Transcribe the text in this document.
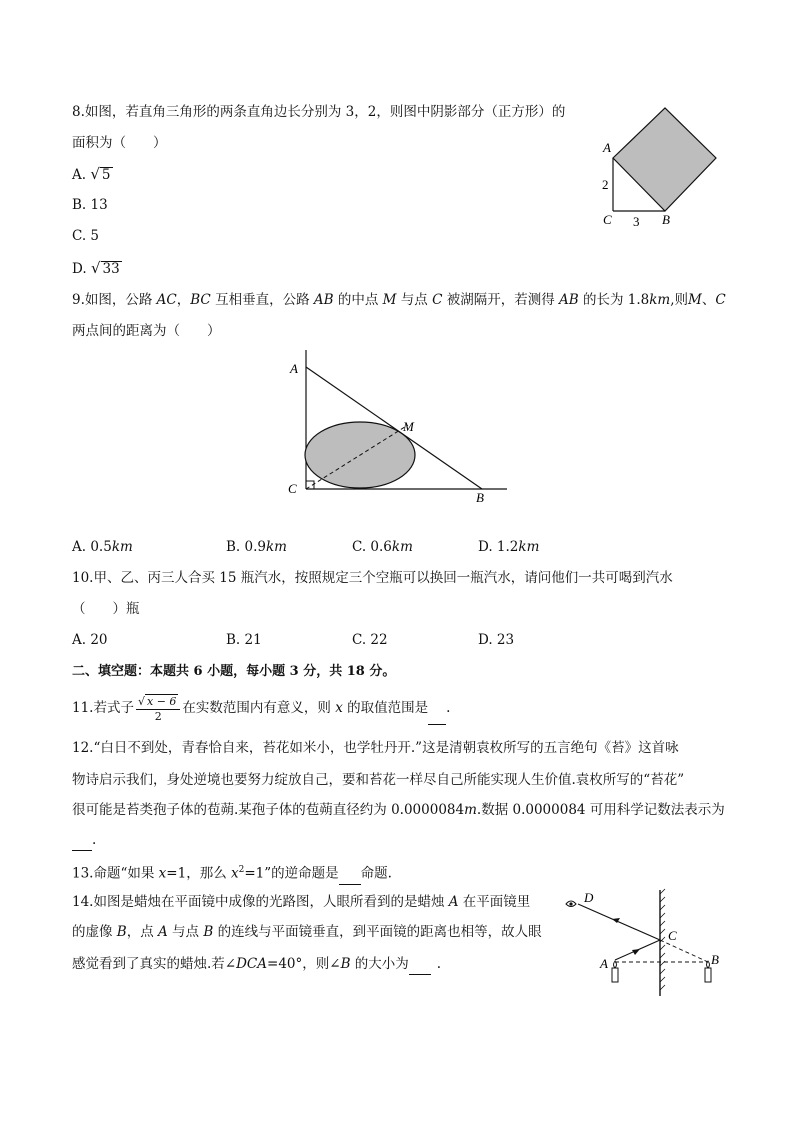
8.如图，若直角三角形的两条直角边长分别为 3，2，则图中阴影部分（正方形）的
面积为（　　）
A. √ 5
B. 13
C. 5
D. √ 33
A
C	B
2
3
9.如图，公路 AC，BC 互相垂直，公路 AB 的中点 M 与点 C 被湖隔开，若测得 AB 的长为 1.8km,则M、C
两点间的距离为（　　）
A
M
C
B
A. 0.5km	B. 0.9km	C. 0.6km	D. 1.2km
10.甲、乙、丙三人合买 15 瓶汽水，按照规定三个空瓶可以换回一瓶汽水，请问他们一共可喝到汽水
（　　）瓶
A. 20	B. 21	C. 22	D. 23
二、填空题：本题共 6 小题，每小题 3 分，共 18 分。
11.若式子 $\frac{√ x - 6}{2}$ 在实数范围内有意义，则 x 的取值范围是 .
12.“白日不到处，青春恰自来，苔花如米小，也学牡丹开.”这是清朝袁枚所写的五言绝句《苔》这首咏
物诗启示我们，身处逆境也要努力绽放自己，要和苔花一样尽自己所能实现人生价值.袁枚所写的“苔花”
很可能是苔类孢子体的苞蒴.某孢子体的苞蒴直径约为 0.0000084m.数据 0.0000084 可用科学记数法表示为
.
13.命题“如果 x=1，那么 $x^2=1$”的逆命题是 命题.
14.如图是蜡烛在平面镜中成像的光路图，人眼所看到的是蜡烛 A 在平面镜里
的虚像 B，点 A 与点 B 的连线与平面镜垂直，到平面镜的距离也相等，故人眼
感觉看到了真实的蜡烛.若∠DCA=40°，则∠B 的大小为 .
D
C
A	B
